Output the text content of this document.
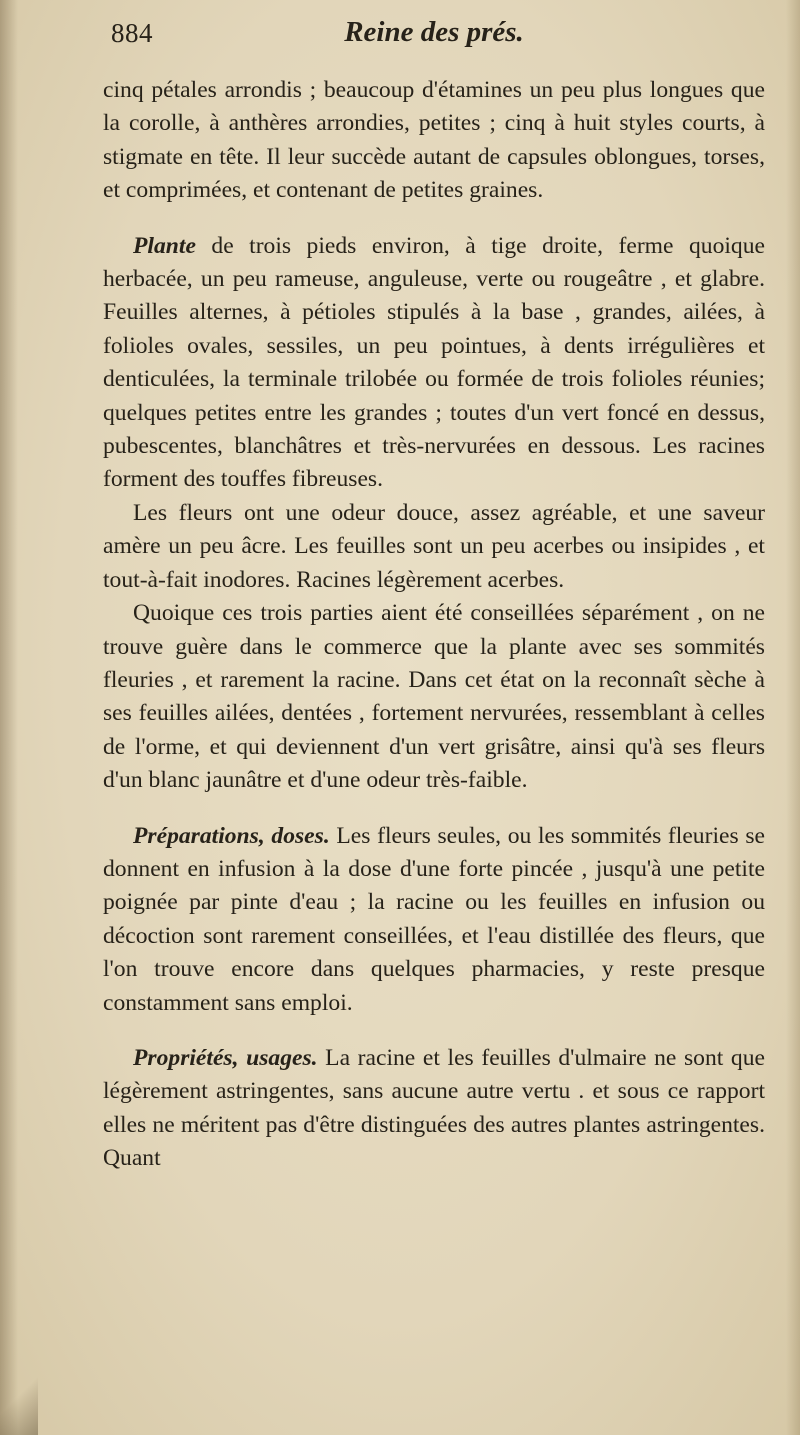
884	Reine des prés.

cinq pétales arrondis ; beaucoup d'étamines un peu plus longues que la corolle, à anthères arrondies, petites ; cinq à huit styles courts, à stigmate en tête. Il leur succède autant de capsules oblongues, torses, et comprimées, et contenant de petites graines.

Plante de trois pieds environ, à tige droite, ferme quoique herbacée, un peu rameuse, anguleuse, verte ou rougeâtre , et glabre. Feuilles alternes, à pétioles stipulés à la base , grandes, ailées, à folioles ovales, sessiles, un peu pointues, à dents irrégulières et denticulées, la terminale trilobée ou formée de trois folioles réunies; quelques petites entre les grandes ; toutes d'un vert foncé en dessus, pubescentes, blanchâtres et très-nervurées en dessous. Les racines forment des touffes fibreuses.

Les fleurs ont une odeur douce, assez agréable, et une saveur amère un peu âcre. Les feuilles sont un peu acerbes ou insipides , et tout-à-fait inodores. Racines légèrement acerbes.

Quoique ces trois parties aient été conseillées séparément , on ne trouve guère dans le commerce que la plante avec ses sommités fleuries , et rarement la racine. Dans cet état on la reconnaît sèche à ses feuilles ailées, dentées , fortement nervurées, ressemblant à celles de l'orme, et qui deviennent d'un vert grisâtre, ainsi qu'à ses fleurs d'un blanc jaunâtre et d'une odeur très-faible.

Préparations, doses. Les fleurs seules, ou les sommités fleuries se donnent en infusion à la dose d'une forte pincée , jusqu'à une petite poignée par pinte d'eau ; la racine ou les feuilles en infusion ou décoction sont rarement conseillées, et l'eau distillée des fleurs, que l'on trouve encore dans quelques pharmacies, y reste presque constamment sans emploi.

Propriétés, usages. La racine et les feuilles d'ulmaire ne sont que légèrement astringentes, sans aucune autre vertu . et sous ce rapport elles ne méritent pas d'être distinguées des autres plantes astringentes. Quant
